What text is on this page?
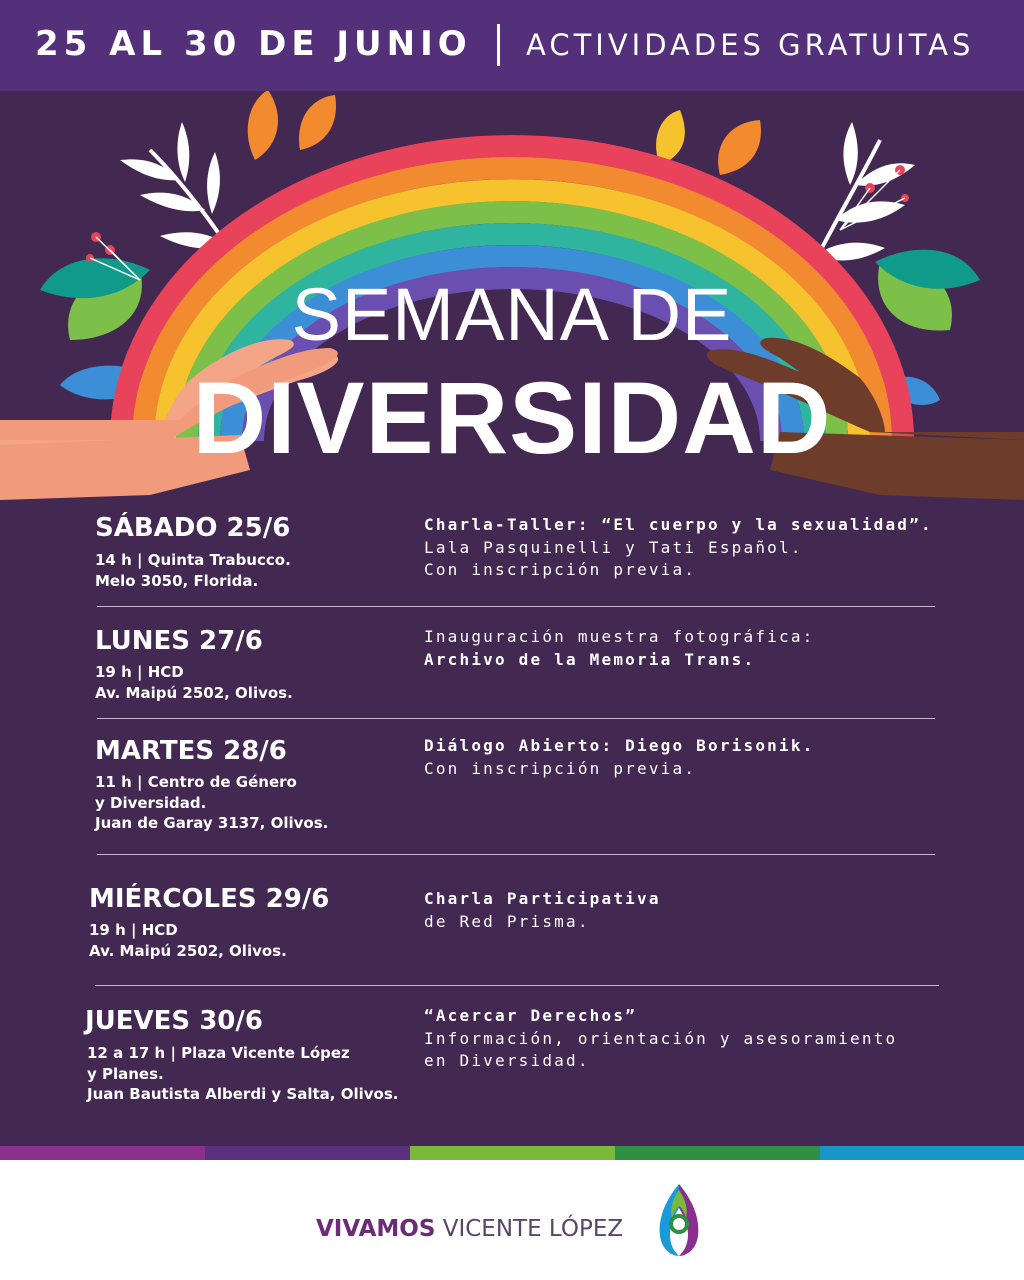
25 AL 30 DE JUNIO ACTIVIDADES GRATUITAS
SEMANA DE
DIVERSIDAD
SÁBADO 25/6
14 h | Quinta Trabucco.
Melo 3050, Florida.
Charla-Taller: “El cuerpo y la sexualidad”.
Lala Pasquinelli y Tati Español.
Con inscripción previa.
LUNES 27/6
19 h | HCD
Av. Maipú 2502, Olivos.
Inauguración muestra fotográfica:
Archivo de la Memoria Trans.
MARTES 28/6
11 h | Centro de Género
y Diversidad.
Juan de Garay 3137, Olivos.
Diálogo Abierto: Diego Borisonik.
Con inscripción previa.
MIÉRCOLES 29/6
19 h | HCD
Av. Maipú 2502, Olivos.
Charla Participativa
de Red Prisma.
JUEVES 30/6
12 a 17 h | Plaza Vicente López
y Planes.
Juan Bautista Alberdi y Salta, Olivos.
“Acercar Derechos”
Información, orientación y asesoramiento
en Diversidad.
VIVAMOS VICENTE LÓPEZ
